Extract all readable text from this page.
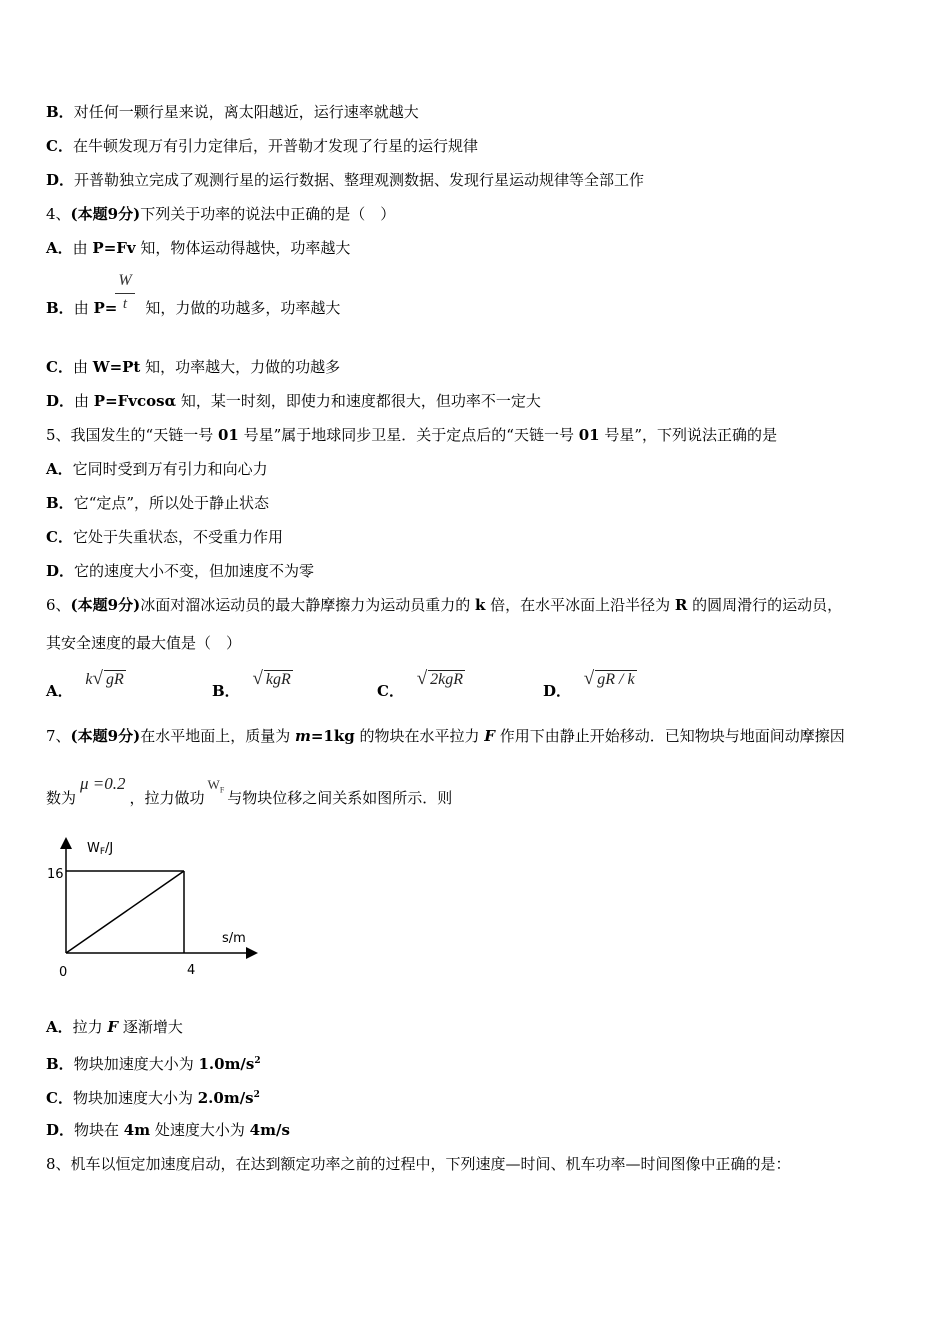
B．对任何一颗行星来说，离太阳越近，运行速率就越大
C．在牛顿发现万有引力定律后，开普勒才发现了行星的运行规律
D．开普勒独立完成了观测行星的运行数据、整理观测数据、发现行星运动规律等全部工作
4、(本题9分)下列关于功率的说法中正确的是（　）
A．由 P=Fv 知，物体运动得越快，功率越大
B．由 P= 知，力做的功越多，功率越大
W
t
C．由 W=Pt 知，功率越大，力做的功越多
D．由 P=Fvcosα 知，某一时刻，即使力和速度都很大，但功率不一定大
5、我国发生的“天链一号 01 号星”属于地球同步卫星．关于定点后的“天链一号 01 号星”，下列说法正确的是
A．它同时受到万有引力和向心力
B．它“定点”，所以处于静止状态
C．它处于失重状态，不受重力作用
D．它的速度大小不变，但加速度不为零
6、(本题9分)冰面对溜冰运动员的最大静摩擦力为运动员重力的 k 倍，在水平冰面上沿半径为 R 的圆周滑行的运动员，
其安全速度的最大值是（　）
A． k√ gR
B． √ kgR
C． √ 2kgR
D． √ gR / k
7、(本题9分)在水平地面上，质量为 m=1kg 的物块在水平拉力 F 作用下由静止开始移动．已知物块与地面间动摩擦因
数为μ =0.2，拉力做功$W_F$ 与物块位移之间关系如图所示．则
WF/J
16
s/m
0	4
A．拉力 F 逐渐增大
B．物块加速度大小为 $1.0m/s^2$
C．物块加速度大小为 $2.0m/s^2$
D．物块在 4m 处速度大小为 4m/s
8、机车以恒定加速度启动，在达到额定功率之前的过程中，下列速度—时间、机车功率—时间图像中正确的是：
